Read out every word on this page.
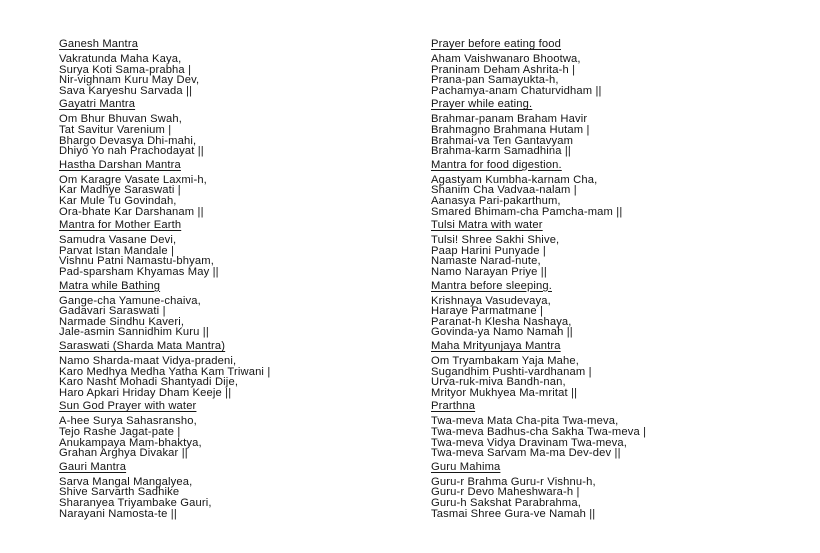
Ganesh Mantra
Vakratunda Maha Kaya,
Surya Koti Sama-prabha |
Nir-vighnam Kuru May Dev,
Sava Karyeshu Sarvada ||
Gayatri Mantra
Om Bhur Bhuvan Swah,
Tat Savitur Varenium |
Bhargo Devasya Dhi-mahi,
Dhiyo Yo nah Prachodayat ||
Hastha Darshan Mantra
Om Karagre Vasate Laxmi-h,
Kar Madhye Saraswati |
Kar Mule Tu Govindah,
Ora-bhate Kar Darshanam ||
Mantra for Mother Earth
Samudra Vasane Devi,
Parvat Istan Mandale |
Vishnu Patni Namastu-bhyam,
Pad-sparsham Khyamas May ||
Matra while Bathing
Gange-cha Yamune-chaiva,
Gadavari Saraswati |
Narmade Sindhu Kaveri,
Jale-asmin Sannidhim Kuru ||
Saraswati (Sharda Mata Mantra)
Namo Sharda-maat Vidya-pradeni,
Karo Medhya Medha Yatha Kam Triwani |
Karo Nasht Mohadi Shantyadi Dije,
Haro Apkari Hriday Dham Keeje ||
Sun God Prayer with water
A-hee Surya Sahasransho,
Tejo Rashe Jagat-pate |
Anukampaya Mam-bhaktya,
Grahan Arghya Divakar ||
Gauri Mantra
Sarva Mangal Mangalyea,
Shive Sarvarth Sadhike
Sharanyea Triyambake Gauri,
Narayani Namosta-te ||
Prayer before eating food
Aham Vaishwanaro Bhootwa,
Praninam Deham Ashrita-h |
Prana-pan Samayukta-h,
Pachamya-anam Chaturvidham ||
Prayer while eating.
Brahmar-panam Braham Havir
Brahmagno Brahmana Hutam |
Brahmai-va Ten Gantavyam
Brahma-karm Samadhina ||
Mantra for food digestion.
Agastyam Kumbha-karnam Cha,
Shanim Cha Vadvaa-nalam |
Aanasya Pari-pakarthum,
Smared Bhimam-cha Pamcha-mam ||
Tulsi Matra with water
Tulsi! Shree Sakhi Shive,
Paap Harini Punyade |
Namaste Narad-nute,
Namo Narayan Priye ||
Mantra before sleeping.
Krishnaya Vasudevaya,
Haraye Parmatmane |
Paranat-h Klesha Nashaya,
Govinda-ya Namo Namah ||
Maha Mrityunjaya Mantra
Om Tryambakam Yaja Mahe,
Sugandhim Pushti-vardhanam |
Urva-ruk-miva Bandh-nan,
Mrityor Mukhyea Ma-mritat ||
Prarthna
Twa-meva Mata Cha-pita Twa-meva,
Twa-meva Badhus-cha Sakha Twa-meva |
Twa-meva Vidya Dravinam Twa-meva,
Twa-meva Sarvam Ma-ma Dev-dev ||
Guru Mahima
Guru-r Brahma Guru-r Vishnu-h,
Guru-r Devo Maheshwara-h |
Guru-h Sakshat Parabrahma,
Tasmai Shree Gura-ve Namah ||
